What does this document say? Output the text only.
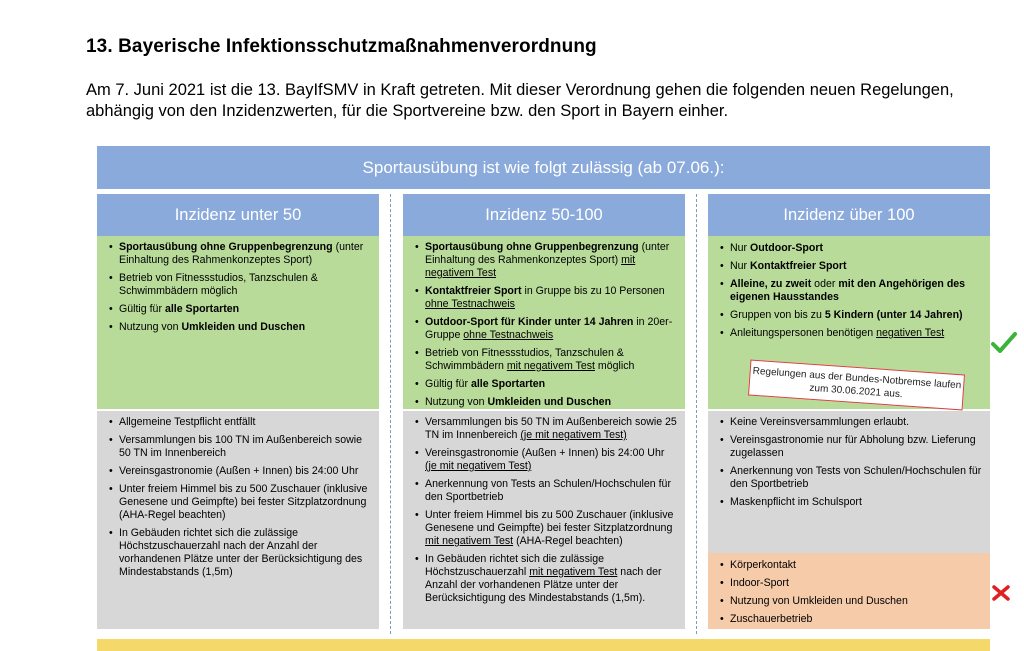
13. Bayerische Infektionsschutzmaßnahmenverordnung

Am 7. Juni 2021 ist die 13. BayIfSMV in Kraft getreten. Mit dieser Verordnung gehen die folgenden neuen Regelungen, abhängig von den Inzidenzwerten, für die Sportvereine bzw. den Sport in Bayern einher.

Sportausübung ist wie folgt zulässig (ab 07.06.):
Inzidenz unter 50
• Sportausübung ohne Gruppenbegrenzung (unter Einhaltung des Rahmenkonzeptes Sport)
• Betrieb von Fitnessstudios, Tanzschulen & Schwimmbädern möglich
• Gültig für alle Sportarten
• Nutzung von Umkleiden und Duschen
• Allgemeine Testpflicht entfällt
• Versammlungen bis 100 TN im Außenbereich sowie 50 TN im Innenbereich
• Vereinsgastronomie (Außen + Innen) bis 24:00 Uhr
• Unter freiem Himmel bis zu 500 Zuschauer (inklusive Genesene und Geimpfte) bei fester Sitzplatzordnung (AHA-Regel beachten)
• In Gebäuden richtet sich die zulässige Höchstzuschauerzahl nach der Anzahl der vorhandenen Plätze unter der Berücksichtigung des Mindestabstands (1,5m)
Inzidenz 50-100
• Sportausübung ohne Gruppenbegrenzung (unter Einhaltung des Rahmenkonzeptes Sport) mit negativem Test
• Kontaktfreier Sport in Gruppe bis zu 10 Personen ohne Testnachweis
• Outdoor-Sport für Kinder unter 14 Jahren in 20er-Gruppe ohne Testnachweis
• Betrieb von Fitnessstudios, Tanzschulen & Schwimmbädern mit negativem Test möglich
• Gültig für alle Sportarten
• Nutzung von Umkleiden und Duschen
• Versammlungen bis 50 TN im Außenbereich sowie 25 TN im Innenbereich (je mit negativem Test)
• Vereinsgastronomie (Außen + Innen) bis 24:00 Uhr (je mit negativem Test)
• Anerkennung von Tests an Schulen/Hochschulen für den Sportbetrieb
• Unter freiem Himmel bis zu 500 Zuschauer (inklusive Genesene und Geimpfte) bei fester Sitzplatzordnung mit negativem Test (AHA-Regel beachten)
• In Gebäuden richtet sich die zulässige Höchstzuschauerzahl mit negativem Test nach der Anzahl der vorhandenen Plätze unter der Berücksichtigung des Mindestabstands (1,5m).
Inzidenz über 100
• Nur Outdoor-Sport
• Nur Kontaktfreier Sport
• Alleine, zu zweit oder mit den Angehörigen des eigenen Hausstandes
• Gruppen von bis zu 5 Kindern (unter 14 Jahren)
• Anleitungspersonen benötigen negativen Test
• Keine Vereinsversammlungen erlaubt.
• Vereinsgastronomie nur für Abholung bzw. Lieferung zugelassen
• Anerkennung von Tests von Schulen/Hochschulen für den Sportbetrieb
• Maskenpflicht im Schulsport
• Körperkontakt
• Indoor-Sport
• Nutzung von Umkleiden und Duschen
• Zuschauerbetrieb
Regelungen aus der Bundes-Notbremse laufen zum 30.06.2021 aus.
